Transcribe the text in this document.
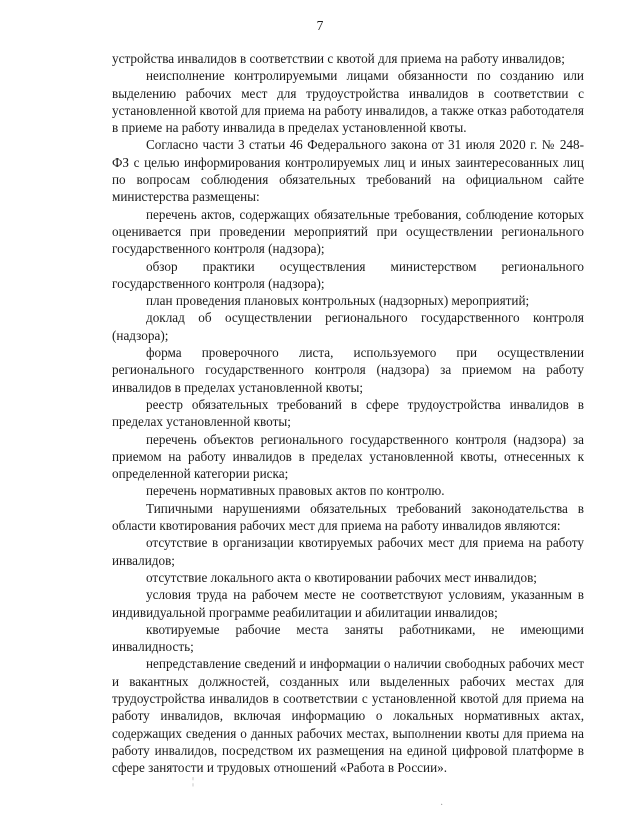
7

устройства инвалидов в соответствии с квотой для приема на работу инвалидов;

неисполнение контролируемыми лицами обязанности по созданию или выделению рабочих мест для трудоустройства инвалидов в соответствии с установленной квотой для приема на работу инвалидов, а также отказ работодателя в приеме на работу инвалида в пределах установленной квоты.

Согласно части 3 статьи 46 Федерального закона от 31 июля 2020 г. № 248-ФЗ с целью информирования контролируемых лиц и иных заинтересованных лиц по вопросам соблюдения обязательных требований на официальном сайте министерства размещены:

перечень актов, содержащих обязательные требования, соблюдение которых оценивается при проведении мероприятий при осуществлении регионального государственного контроля (надзора);

обзор практики осуществления министерством регионального государственного контроля (надзора);

план проведения плановых контрольных (надзорных) мероприятий;

доклад об осуществлении регионального государственного контроля (надзора);

форма проверочного листа, используемого при осуществлении регионального государственного контроля (надзора) за приемом на работу инвалидов в пределах установленной квоты;

реестр обязательных требований в сфере трудоустройства инвалидов в пределах установленной квоты;

перечень объектов регионального государственного контроля (надзора) за приемом на работу инвалидов в пределах установленной квоты, отнесенных к определенной категории риска;

перечень нормативных правовых актов по контролю.

Типичными нарушениями обязательных требований законодательства в области квотирования рабочих мест для приема на работу инвалидов являются:

отсутствие в организации квотируемых рабочих мест для приема на работу инвалидов;

отсутствие локального акта о квотировании рабочих мест инвалидов;

условия труда на рабочем месте не соответствуют условиям, указанным в индивидуальной программе реабилитации и абилитации инвалидов;

квотируемые рабочие места заняты работниками, не имеющими инвалидность;

непредставление сведений и информации о наличии свободных рабочих мест и вакантных должностей, созданных или выделенных рабочих местах для трудоустройства инвалидов в соответствии с установленной квотой для приема на работу инвалидов, включая информацию о локальных нормативных актах, содержащих сведения о данных рабочих местах, выполнении квоты для приема на работу инвалидов, посредством их размещения на единой цифровой платформе в сфере занятости и трудовых отношений «Работа в России».

¦
·
